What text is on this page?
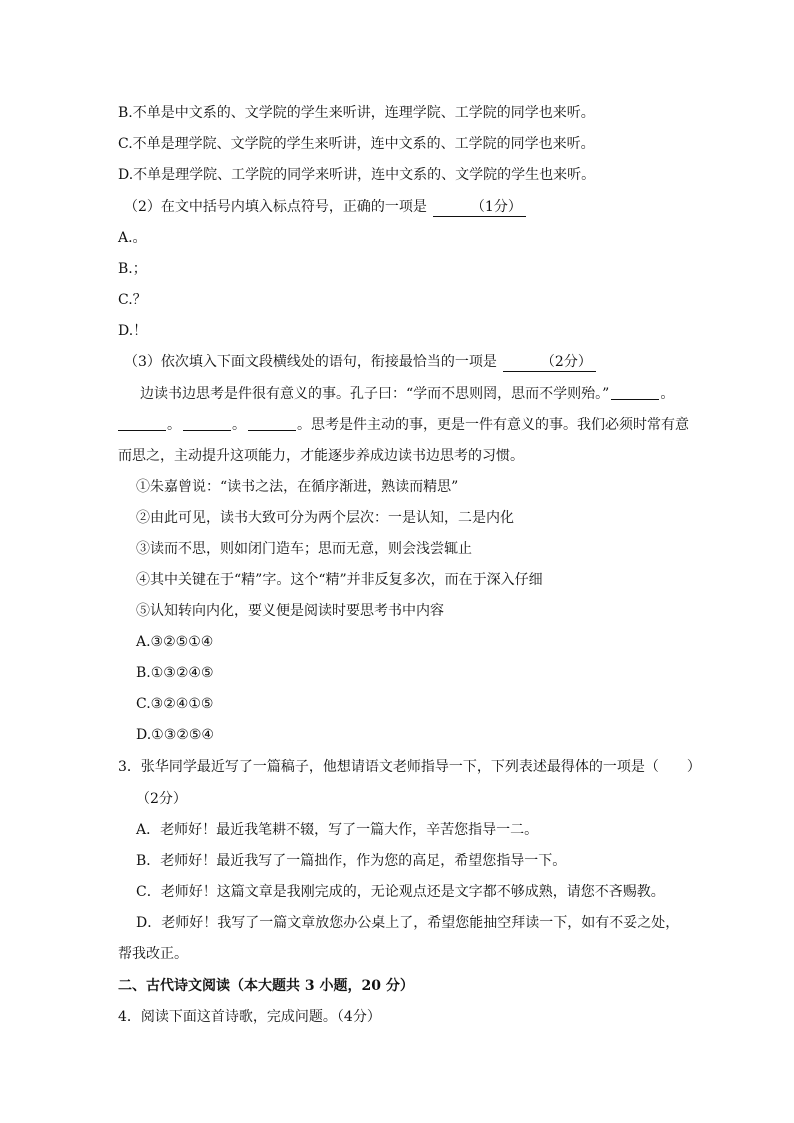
B.不单是中文系的、文学院的学生来听讲，连理学院、工学院的同学也来听。
C.不单是理学院、文学院的学生来听讲，连中文系的、工学院的同学也来听。
D.不单是理学院、工学院的同学来听讲，连中文系的、文学院的学生也来听。
（2）在文中括号内填入标点符号，正确的一项是	（1分）
A.。
B.；
C.？
D.！
（3）依次填入下面文段横线处的语句，衔接最恰当的一项是	（2分）
边读书边思考是件很有意义的事。孔子曰：“学而不思则罔，思而不学则殆。”	。
。	。	。思考是件主动的事，更是一件有意义的事。我们必须时常有意
而思之，主动提升这项能力，才能逐步养成边读书边思考的习惯。
①朱嘉曾说：“读书之法，在循序渐进，熟读而精思”
②由此可见，读书大致可分为两个层次：一是认知，二是内化
③读而不思，则如闭门造车；思而无意，则会浅尝辄止
④其中关键在于“精”字。这个“精”并非反复多次，而在于深入仔细
⑤认知转向内化，要义便是阅读时要思考书中内容
A.③②⑤①④
B.①③②④⑤
C.③②④①⑤
D.①③②⑤④
3．张华同学最近写了一篇稿子，他想请语文老师指导一下，下列表述最得体的一项是（　　）
（2分）
A．老师好！最近我笔耕不辍，写了一篇大作，辛苦您指导一二。
B．老师好！最近我写了一篇拙作，作为您的高足，希望您指导一下。
C．老师好！这篇文章是我刚完成的，无论观点还是文字都不够成熟，请您不吝赐教。
D．老师好！我写了一篇文章放您办公桌上了，希望您能抽空拜读一下，如有不妥之处，
帮我改正。
二、古代诗文阅读（本大题共 3 小题，20 分）
4．阅读下面这首诗歌，完成问题。（4分）
